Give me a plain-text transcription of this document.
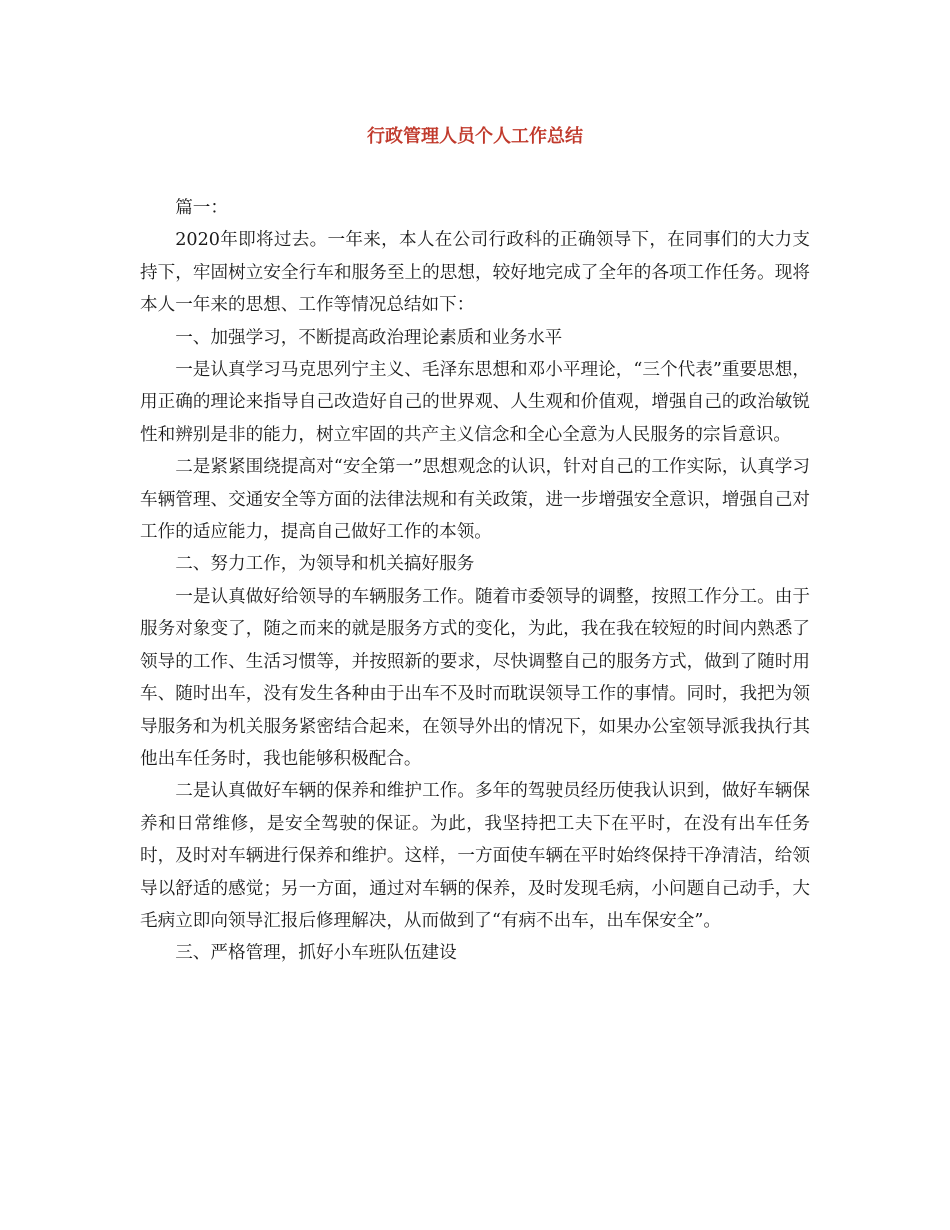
行政管理人员个人工作总结

篇一：

2020年即将过去。一年来，本人在公司行政科的正确领导下，在同事们的大力支持下，牢固树立安全行车和服务至上的思想，较好地完成了全年的各项工作任务。现将本人一年来的思想、工作等情况总结如下：

一、加强学习，不断提高政治理论素质和业务水平

一是认真学习马克思列宁主义、毛泽东思想和邓小平理论，“三个代表”重要思想，用正确的理论来指导自己改造好自己的世界观、人生观和价值观，增强自己的政治敏锐性和辨别是非的能力，树立牢固的共产主义信念和全心全意为人民服务的宗旨意识。

二是紧紧围绕提高对“安全第一”思想观念的认识，针对自己的工作实际，认真学习车辆管理、交通安全等方面的法律法规和有关政策，进一步增强安全意识，增强自己对工作的适应能力，提高自己做好工作的本领。

二、努力工作，为领导和机关搞好服务

一是认真做好给领导的车辆服务工作。随着市委领导的调整，按照工作分工。由于服务对象变了，随之而来的就是服务方式的变化，为此，我在我在较短的时间内熟悉了领导的工作、生活习惯等，并按照新的要求，尽快调整自己的服务方式，做到了随时用车、随时出车，没有发生各种由于出车不及时而耽误领导工作的事情。同时，我把为领导服务和为机关服务紧密结合起来，在领导外出的情况下，如果办公室领导派我执行其他出车任务时，我也能够积极配合。

二是认真做好车辆的保养和维护工作。多年的驾驶员经历使我认识到，做好车辆保养和日常维修，是安全驾驶的保证。为此，我坚持把工夫下在平时，在没有出车任务时，及时对车辆进行保养和维护。这样，一方面使车辆在平时始终保持干净清洁，给领导以舒适的感觉；另一方面，通过对车辆的保养，及时发现毛病，小问题自己动手，大毛病立即向领导汇报后修理解决，从而做到了“有病不出车，出车保安全”。

三、严格管理，抓好小车班队伍建设
